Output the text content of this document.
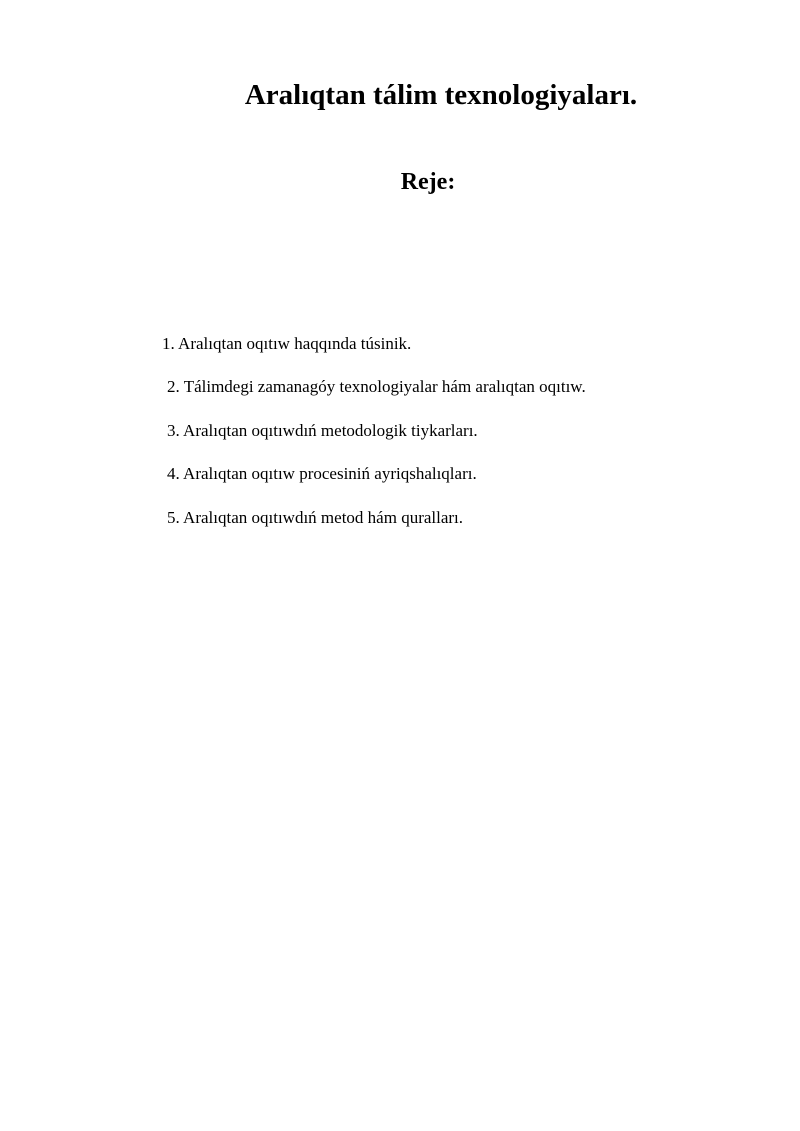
Aralıqtan tálim texnologiyaları.
Reje:
1. Aralıqtan oqıtıw haqqında túsinik.
2. Tálimdegi zamanagóy texnologiyalar hám aralıqtan oqıtıw.
3. Aralıqtan oqıtıwdıń metodologik tiykarları.
4. Aralıqtan oqıtıw procesiniń ayriqshalıqları.
5. Aralıqtan oqıtıwdıń metod hám quralları.
